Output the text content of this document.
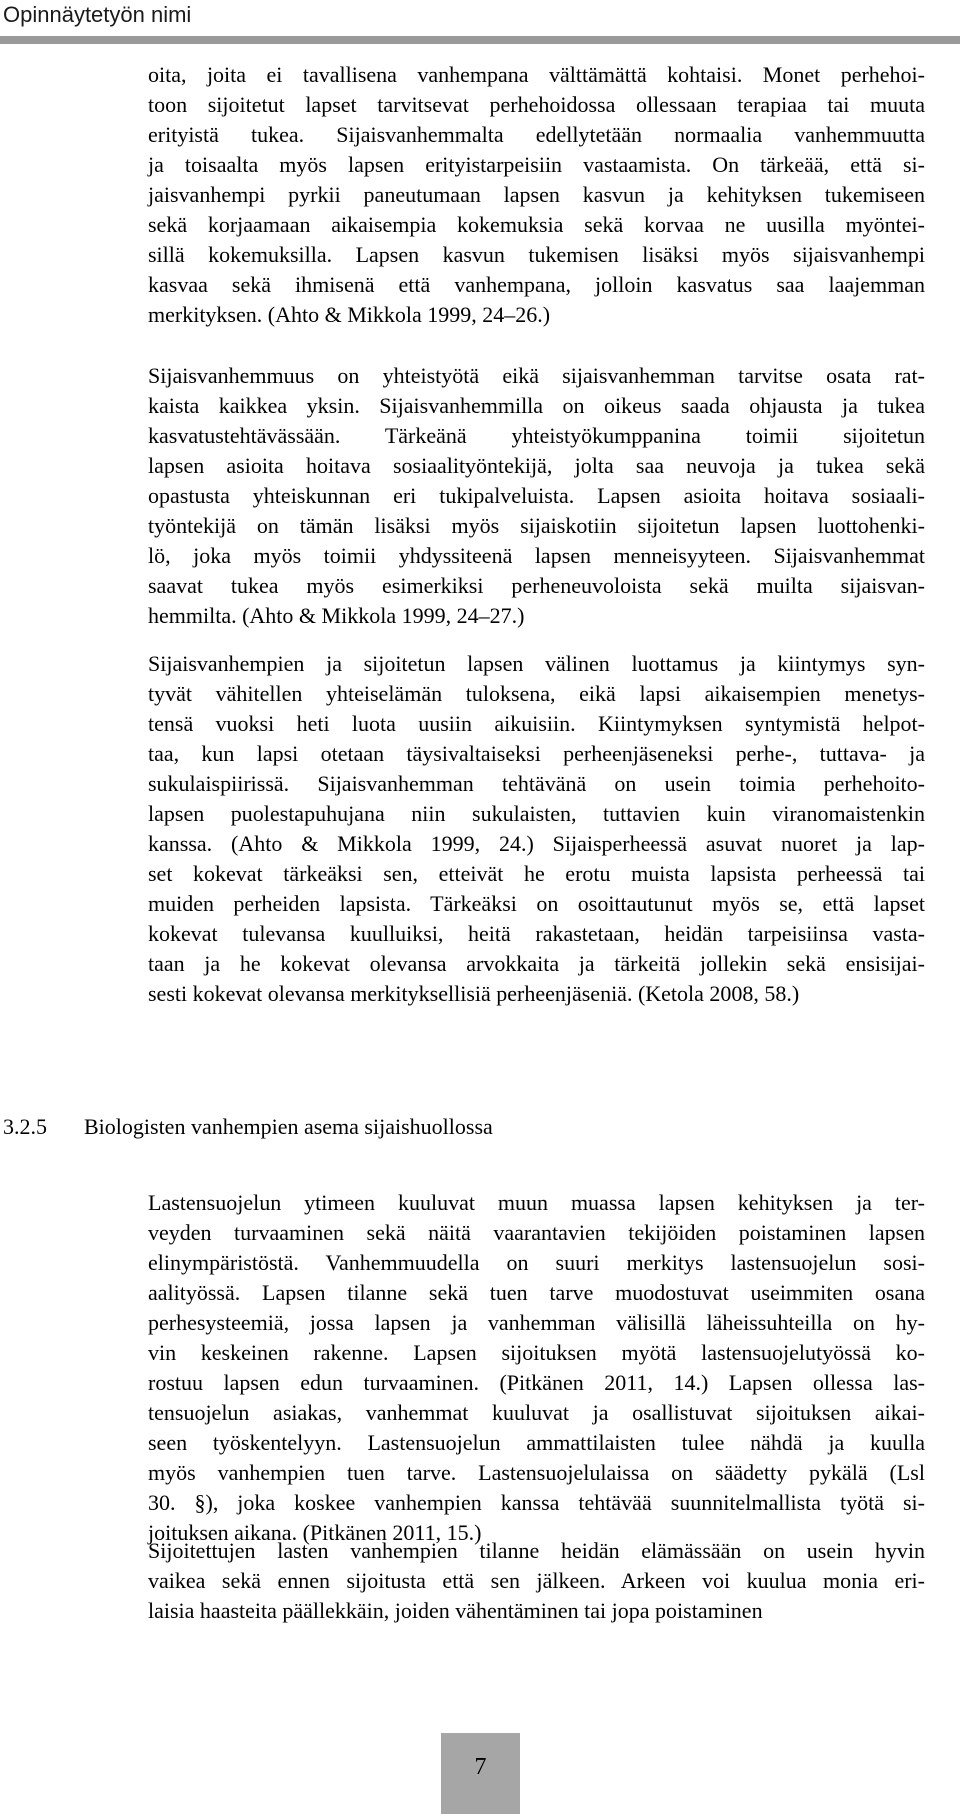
Opinnäytetyön nimi
oita, joita ei tavallisena vanhempana välttämättä kohtaisi. Monet perhehoi-
toon sijoitetut lapset tarvitsevat perhehoidossa ollessaan terapiaa tai muuta
erityistä tukea. Sijaisvanhemmalta edellytetään normaalia vanhemmuutta
ja toisaalta myös lapsen erityistarpeisiin vastaamista. On tärkeää, että si-
jaisvanhempi pyrkii paneutumaan lapsen kasvun ja kehityksen tukemiseen
sekä korjaamaan aikaisempia kokemuksia sekä korvaa ne uusilla myöntei-
sillä kokemuksilla. Lapsen kasvun tukemisen lisäksi myös sijaisvanhempi
kasvaa sekä ihmisenä että vanhempana, jolloin kasvatus saa laajemman
merkityksen. (Ahto & Mikkola 1999, 24–26.)
Sijaisvanhemmuus on yhteistyötä eikä sijaisvanhemman tarvitse osata rat-
kaista kaikkea yksin. Sijaisvanhemmilla on oikeus saada ohjausta ja tukea
kasvatustehtävässään. Tärkeänä yhteistyökumppanina toimii sijoitetun
lapsen asioita hoitava sosiaalityöntekijä, jolta saa neuvoja ja tukea sekä
opastusta yhteiskunnan eri tukipalveluista. Lapsen asioita hoitava sosiaali-
työntekijä on tämän lisäksi myös sijaiskotiin sijoitetun lapsen luottohenki-
lö, joka myös toimii yhdyssiteenä lapsen menneisyyteen. Sijaisvanhemmat
saavat tukea myös esimerkiksi perheneuvoloista sekä muilta sijaisvan-
hemmilta. (Ahto & Mikkola 1999, 24–27.)
Sijaisvanhempien ja sijoitetun lapsen välinen luottamus ja kiintymys syn-
tyvät vähitellen yhteiselämän tuloksena, eikä lapsi aikaisempien menetys-
tensä vuoksi heti luota uusiin aikuisiin. Kiintymyksen syntymistä helpot-
taa, kun lapsi otetaan täysivaltaiseksi perheenjäseneksi perhe-, tuttava- ja
sukulaispiirissä. Sijaisvanhemman tehtävänä on usein toimia perhehoito-
lapsen puolestapuhujana niin sukulaisten, tuttavien kuin viranomaistenkin
kanssa. (Ahto & Mikkola 1999, 24.) Sijaisperheessä asuvat nuoret ja lap-
set kokevat tärkeäksi sen, etteivät he erotu muista lapsista perheessä tai
muiden perheiden lapsista. Tärkeäksi on osoittautunut myös se, että lapset
kokevat tulevansa kuulluiksi, heitä rakastetaan, heidän tarpeisiinsa vasta-
taan ja he kokevat olevansa arvokkaita ja tärkeitä jollekin sekä ensisijai-
sesti kokevat olevansa merkityksellisiä perheenjäseniä. (Ketola 2008, 58.)
3.2.5 Biologisten vanhempien asema sijaishuollossa
Lastensuojelun ytimeen kuuluvat muun muassa lapsen kehityksen ja ter-
veyden turvaaminen sekä näitä vaarantavien tekijöiden poistaminen lapsen
elinympäristöstä. Vanhemmuudella on suuri merkitys lastensuojelun sosi-
aalityössä. Lapsen tilanne sekä tuen tarve muodostuvat useimmiten osana
perhesysteemiä, jossa lapsen ja vanhemman välisillä läheissuhteilla on hy-
vin keskeinen rakenne. Lapsen sijoituksen myötä lastensuojelutyössä ko-
rostuu lapsen edun turvaaminen. (Pitkänen 2011, 14.) Lapsen ollessa las-
tensuojelun asiakas, vanhemmat kuuluvat ja osallistuvat sijoituksen aikai-
seen työskentelyyn. Lastensuojelun ammattilaisten tulee nähdä ja kuulla
myös vanhempien tuen tarve. Lastensuojelulaissa on säädetty pykälä (Lsl
30. §), joka koskee vanhempien kanssa tehtävää suunnitelmallista työtä si-
joituksen aikana. (Pitkänen 2011, 15.)
Sijoitettujen lasten vanhempien tilanne heidän elämässään on usein hyvin
vaikea sekä ennen sijoitusta että sen jälkeen. Arkeen voi kuulua monia eri-
laisia haasteita päällekkäin, joiden vähentäminen tai jopa poistaminen
7
